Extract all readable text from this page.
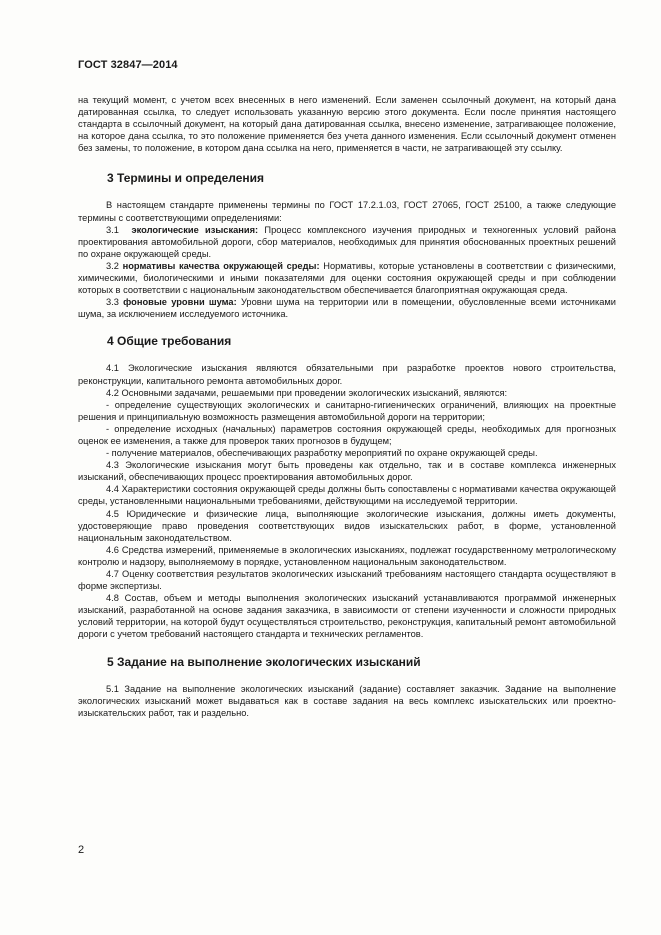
ГОСТ 32847—2014

на текущий момент, с учетом всех внесенных в него изменений. Если заменен ссылочный документ, на который дана датированная ссылка, то следует использовать указанную версию этого документа. Если после принятия настоящего стандарта в ссылочный документ, на который дана датированная ссылка, внесено изменение, затрагивающее положение, на которое дана ссылка, то это положение применяется без учета данного изменения. Если ссылочный документ отменен без замены, то положение, в котором дана ссылка на него, применяется в части, не затрагивающей эту ссылку.

3 Термины и определения

В настоящем стандарте применены термины по ГОСТ 17.2.1.03, ГОСТ 27065, ГОСТ 25100, а также следующие термины с соответствующими определениями:

3.1 экологические изыскания: Процесс комплексного изучения природных и техногенных условий района проектирования автомобильной дороги, сбор материалов, необходимых для принятия обоснованных проектных решений по охране окружающей среды.

3.2 нормативы качества окружающей среды: Нормативы, которые установлены в соответствии с физическими, химическими, биологическими и иными показателями для оценки состояния окружающей среды и при соблюдении которых в соответствии с национальным законодательством обеспечивается благоприятная окружающая среда.

3.3 фоновые уровни шума: Уровни шума на территории или в помещении, обусловленные всеми источниками шума, за исключением исследуемого источника.

4 Общие требования

4.1 Экологические изыскания являются обязательными при разработке проектов нового строительства, реконструкции, капитального ремонта автомобильных дорог.

4.2 Основными задачами, решаемыми при проведении экологических изысканий, являются:

- определение существующих экологических и санитарно-гигиенических ограничений, влияющих на проектные решения и принципиальную возможность размещения автомобильной дороги на территории;

- определение исходных (начальных) параметров состояния окружающей среды, необходимых для прогнозных оценок ее изменения, а также для проверок таких прогнозов в будущем;

- получение материалов, обеспечивающих разработку мероприятий по охране окружающей среды.

4.3 Экологические изыскания могут быть проведены как отдельно, так и в составе комплекса инженерных изысканий, обеспечивающих процесс проектирования автомобильных дорог.

4.4 Характеристики состояния окружающей среды должны быть сопоставлены с нормативами качества окружающей среды, установленными национальными требованиями, действующими на исследуемой территории.

4.5 Юридические и физические лица, выполняющие экологические изыскания, должны иметь документы, удостоверяющие право проведения соответствующих видов изыскательских работ, в форме, установленной национальным законодательством.

4.6 Средства измерений, применяемые в экологических изысканиях, подлежат государственному метрологическому контролю и надзору, выполняемому в порядке, установленном национальным законодательством.

4.7 Оценку соответствия результатов экологических изысканий требованиям настоящего стандарта осуществляют в форме экспертизы.

4.8 Состав, объем и методы выполнения экологических изысканий устанавливаются программой инженерных изысканий, разработанной на основе задания заказчика, в зависимости от степени изученности и сложности природных условий территории, на которой будут осуществляться строительство, реконструкция, капитальный ремонт автомобильной дороги с учетом требований настоящего стандарта и технических регламентов.

5 Задание на выполнение экологических изысканий

5.1 Задание на выполнение экологических изысканий (задание) составляет заказчик. Задание на выполнение экологических изысканий может выдаваться как в составе задания на весь комплекс изыскательских или проектно-изыскательских работ, так и раздельно.

2
